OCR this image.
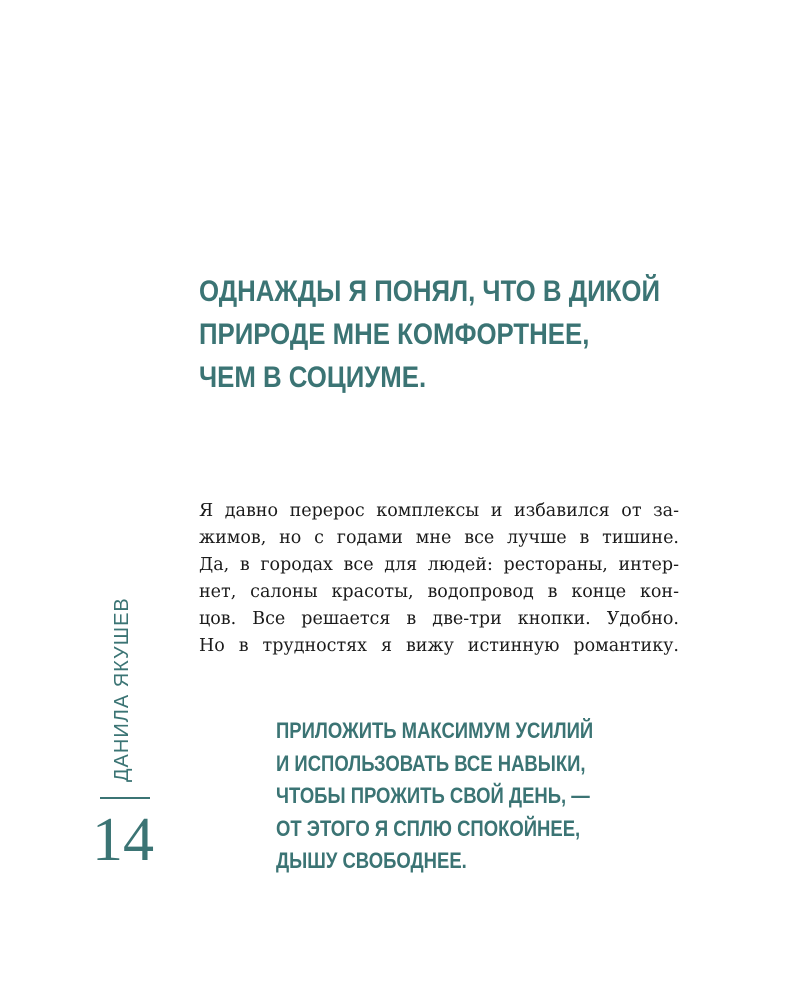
ОДНАЖДЫ Я ПОНЯЛ, ЧТО В ДИКОЙ
ПРИРОДЕ МНЕ КОМФОРТНЕЕ,
ЧЕМ В СОЦИУМЕ.
Я давно перерос комплексы и избавился от за-
жимов, но с годами мне все лучше в тишине.
Да, в городах все для людей: рестораны, интер-
нет, салоны красоты, водопровод в конце кон-
цов. Все решается в две-три кнопки. Удобно.
Но в трудностях я вижу истинную романтику.
ПРИЛОЖИТЬ МАКСИМУМ УСИЛИЙ
И ИСПОЛЬЗОВАТЬ ВСЕ НАВЫКИ,
ЧТОБЫ ПРОЖИТЬ СВОЙ ДЕНЬ, —
ОТ ЭТОГО Я СПЛЮ СПОКОЙНЕЕ,
ДЫШУ СВОБОДНЕЕ.
ДАНИЛА ЯКУШЕВ
14
